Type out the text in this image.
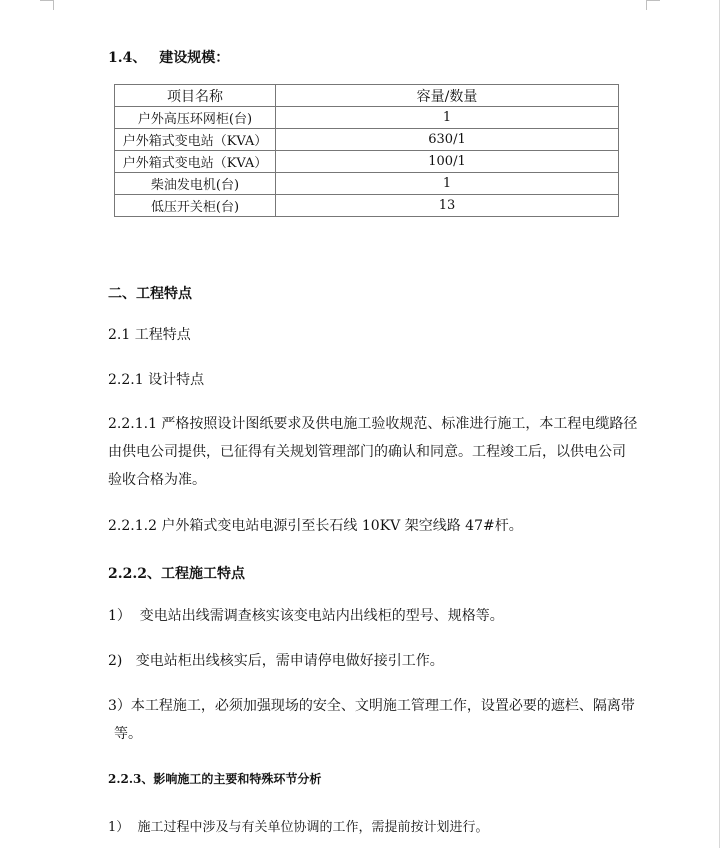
1.4、 建设规模：
项目名称	容量/数量
户外高压环网柜(台)	1
户外箱式变电站（KVA）	630/1
户外箱式变电站（KVA）	100/1
柴油发电机(台)	1
低压开关柜(台)	13
二、工程特点
2.1 工程特点
2.2.1 设计特点
2.2.1.1 严格按照设计图纸要求及供电施工验收规范、标准进行施工，本工程电缆路径
由供电公司提供，已征得有关规划管理部门的确认和同意。工程竣工后，以供电公司
验收合格为准。
2.2.1.2 户外箱式变电站电源引至长石线 10KV 架空线路 47#杆。
2.2.2、工程施工特点
1）  变电站出线需调查核实该变电站内出线柜的型号、规格等。
2)   变电站柜出线核实后，需申请停电做好接引工作。
3）本工程施工，必须加强现场的安全、文明施工管理工作，设置必要的遮栏、隔离带
等。
2.2.3、影响施工的主要和特殊环节分析
1）  施工过程中涉及与有关单位协调的工作，需提前按计划进行。
